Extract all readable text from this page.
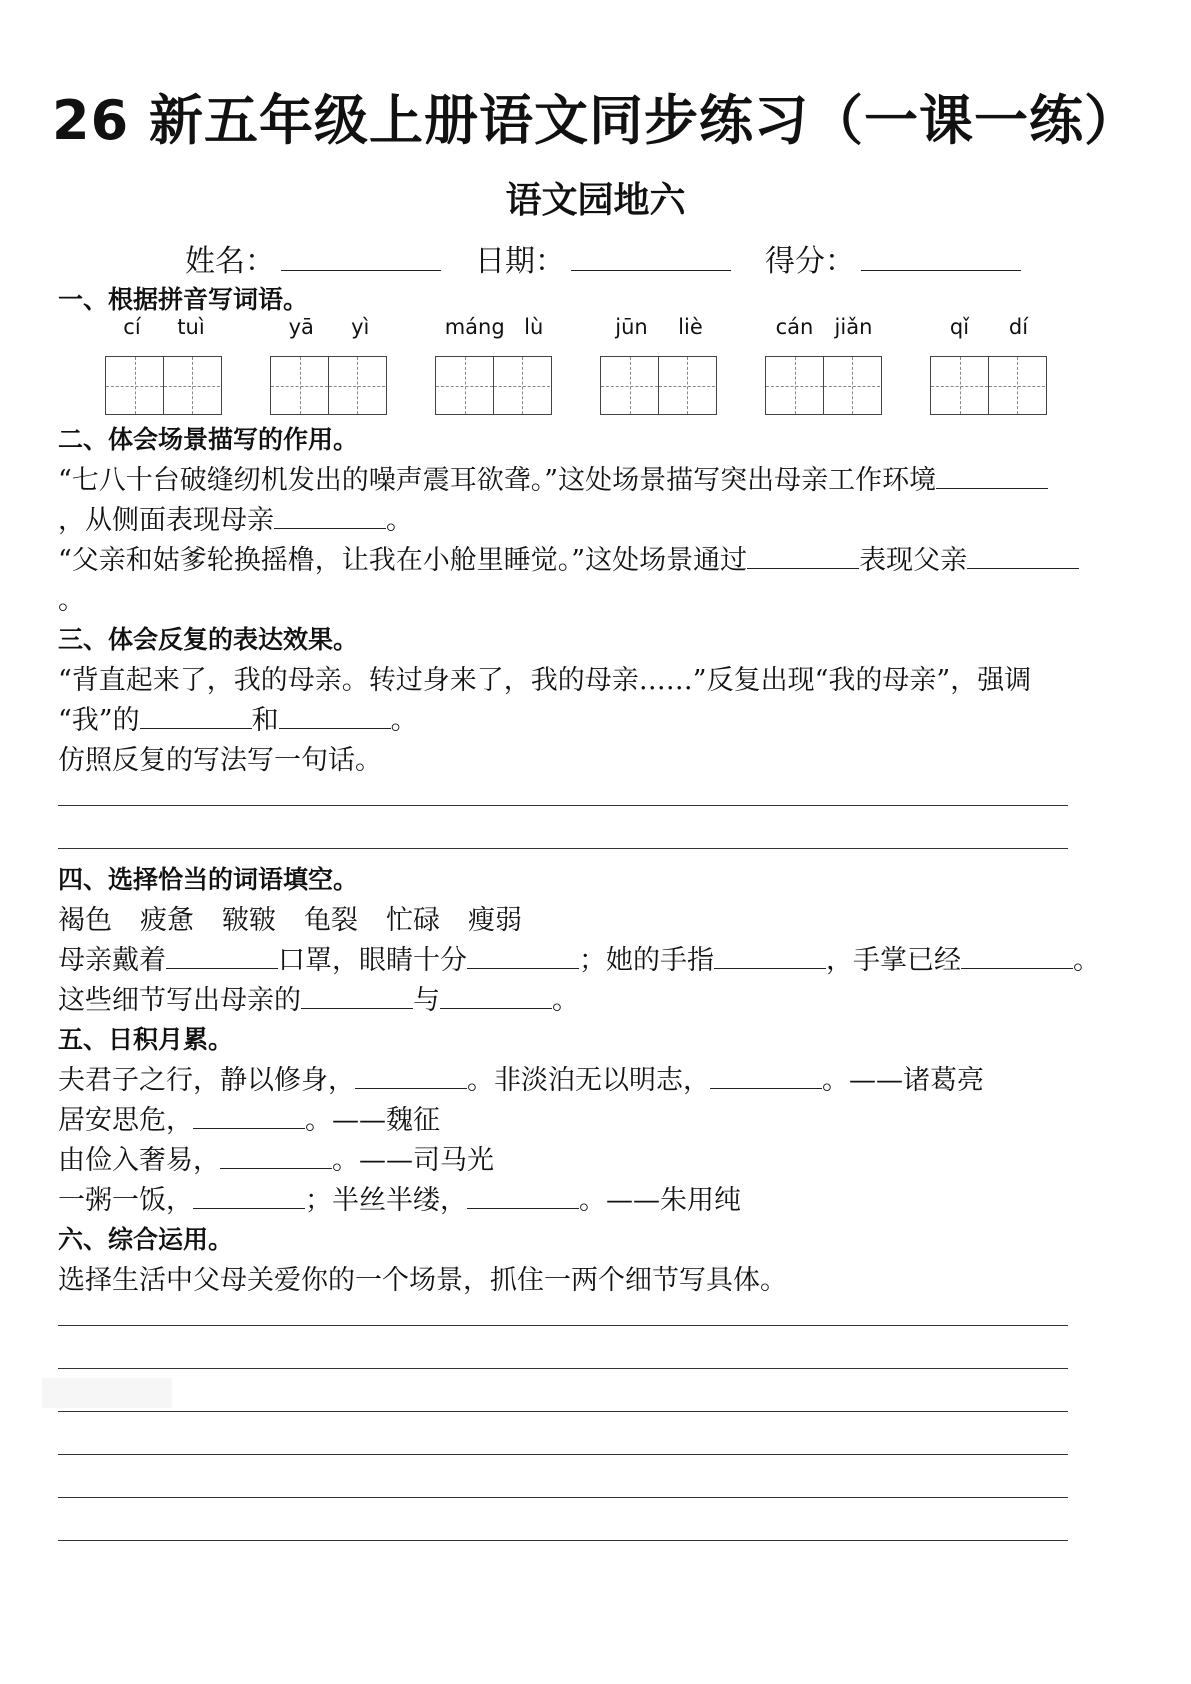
26 新五年级上册语文同步练习（一课一练）
语文园地六
姓名：	日期：	得分：
一、根据拼音写词语。
cí tuì	yā yì	máng lù	jūn liè	cán jiǎn	qǐ dí
二、体会场景描写的作用。
“七八十台破缝纫机发出的噪声震耳欲聋。”这处场景描写突出母亲工作环境
，从侧面表现母亲	。
“父亲和姑爹轮换摇橹，让我在小舱里睡觉。”这处场景通过	表现父亲
。
三、体会反复的表达效果。
“背直起来了，我的母亲。转过身来了，我的母亲……”反复出现“我的母亲”，强调
“我”的	和	。
仿照反复的写法写一句话。
四、选择恰当的词语填空。
褐色 疲惫 皲皲 龟裂 忙碌 瘦弱
母亲戴着	口罩，眼睛十分	；她的手指	，手掌已经	。
这些细节写出母亲的	与	。
五、日积月累。
夫君子之行，静以修身，	。非淡泊无以明志，	。——诸葛亮
居安思危，	。——魏征
由俭入奢易，	。——司马光
一粥一饭，	；半丝半缕，	。——朱用纯
六、综合运用。
选择生活中父母关爱你的一个场景，抓住一两个细节写具体。
